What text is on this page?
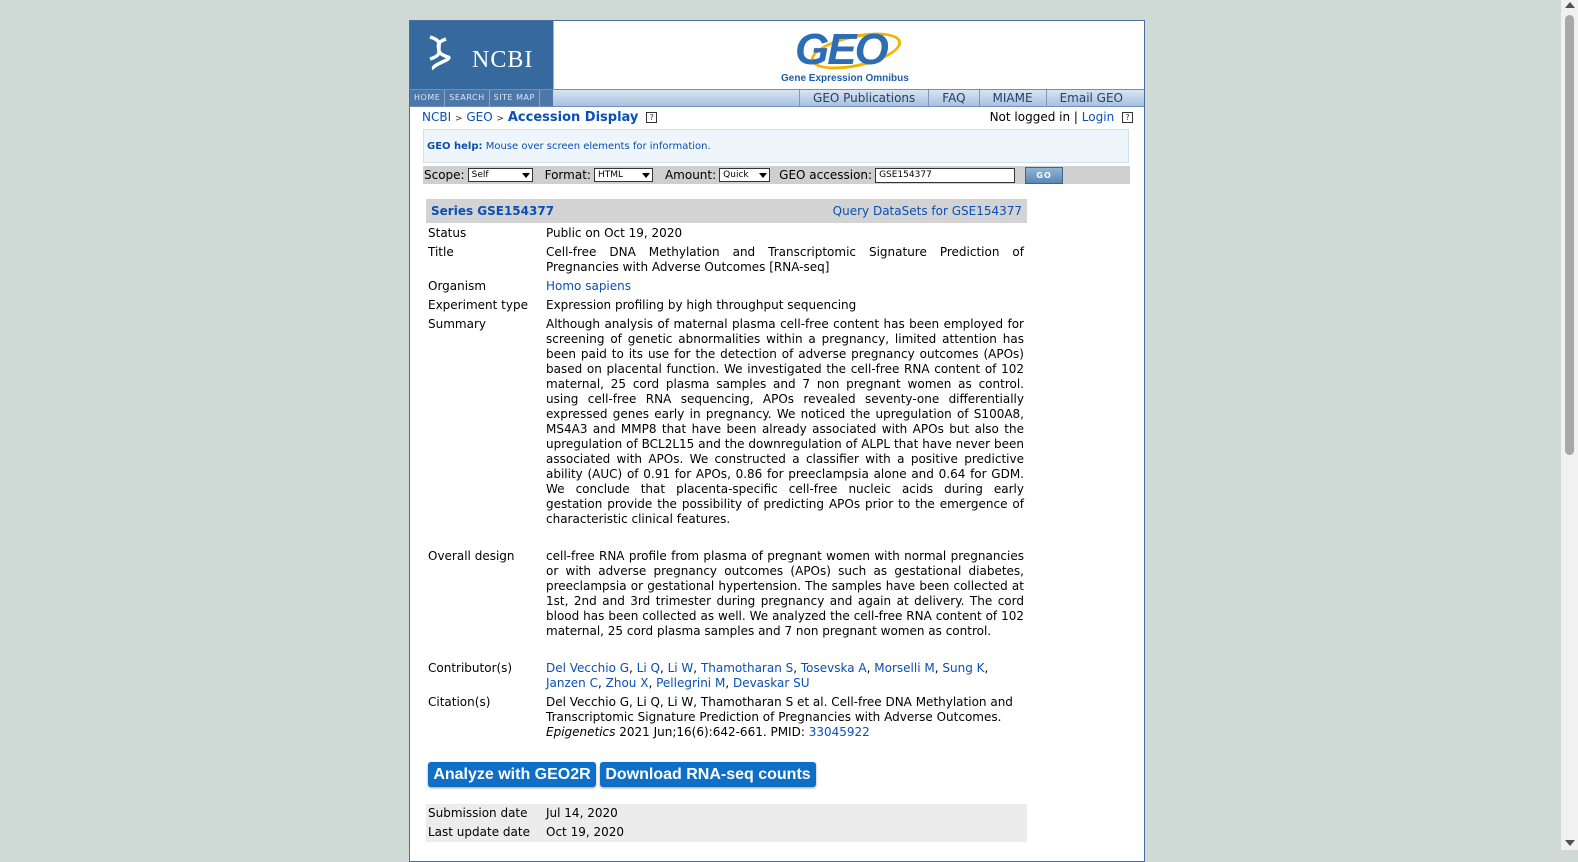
NCBI	GEO
Gene Expression Omnibus
HOME	SEARCH	SITE MAP	GEO Publications	FAQ	MIAME	Email GEO
NCBI > GEO > Accession Display ?	Not logged in | Login ?
GEO help: Mouse over screen elements for information.
Scope: Self	Format: HTML	Amount: Quick	GEO accession: GSE154377	GO
Series GSE154377	Query DataSets for GSE154377
Status	Public on Oct 19, 2020
Title	Cell-free DNA Methylation and Transcriptomic Signature Prediction of Pregnancies with Adverse Outcomes [RNA-seq]
Organism	Homo sapiens
Experiment type	Expression profiling by high throughput sequencing
Summary	Although analysis of maternal plasma cell-free content has been employed for screening of genetic abnormalities within a pregnancy, limited attention has been paid to its use for the detection of adverse pregnancy outcomes (APOs) based on placental function. We investigated the cell-free RNA content of 102 maternal, 25 cord plasma samples and 7 non pregnant women as control. using cell-free RNA sequencing, APOs revealed seventy-one differentially expressed genes early in pregnancy. We noticed the upregulation of S100A8, MS4A3 and MMP8 that have been already associated with APOs but also the upregulation of BCL2L15 and the downregulation of ALPL that have never been associated with APOs. We constructed a classifier with a positive predictive ability (AUC) of 0.91 for APOs, 0.86 for preeclampsia alone and 0.64 for GDM. We conclude that placenta-specific cell-free nucleic acids during early gestation provide the possibility of predicting APOs prior to the emergence of characteristic clinical features.
Overall design	cell-free RNA profile from plasma of pregnant women with normal pregnancies or with adverse pregnancy outcomes (APOs) such as gestational diabetes, preeclampsia or gestational hypertension. The samples have been collected at 1st, 2nd and 3rd trimester during pregnancy and again at delivery. The cord blood has been collected as well. We analyzed the cell-free RNA content of 102 maternal, 25 cord plasma samples and 7 non pregnant women as control.
Contributor(s)	Del Vecchio G, Li Q, Li W, Thamotharan S, Tosevska A, Morselli M, Sung K, Janzen C, Zhou X, Pellegrini M, Devaskar SU
Citation(s)	Del Vecchio G, Li Q, Li W, Thamotharan S et al. Cell-free DNA Methylation and Transcriptomic Signature Prediction of Pregnancies with Adverse Outcomes. Epigenetics 2021 Jun;16(6):642-661. PMID: 33045922
Analyze with GEO2R Download RNA-seq counts
Submission date Jul 14, 2020
Last update date Oct 19, 2020
